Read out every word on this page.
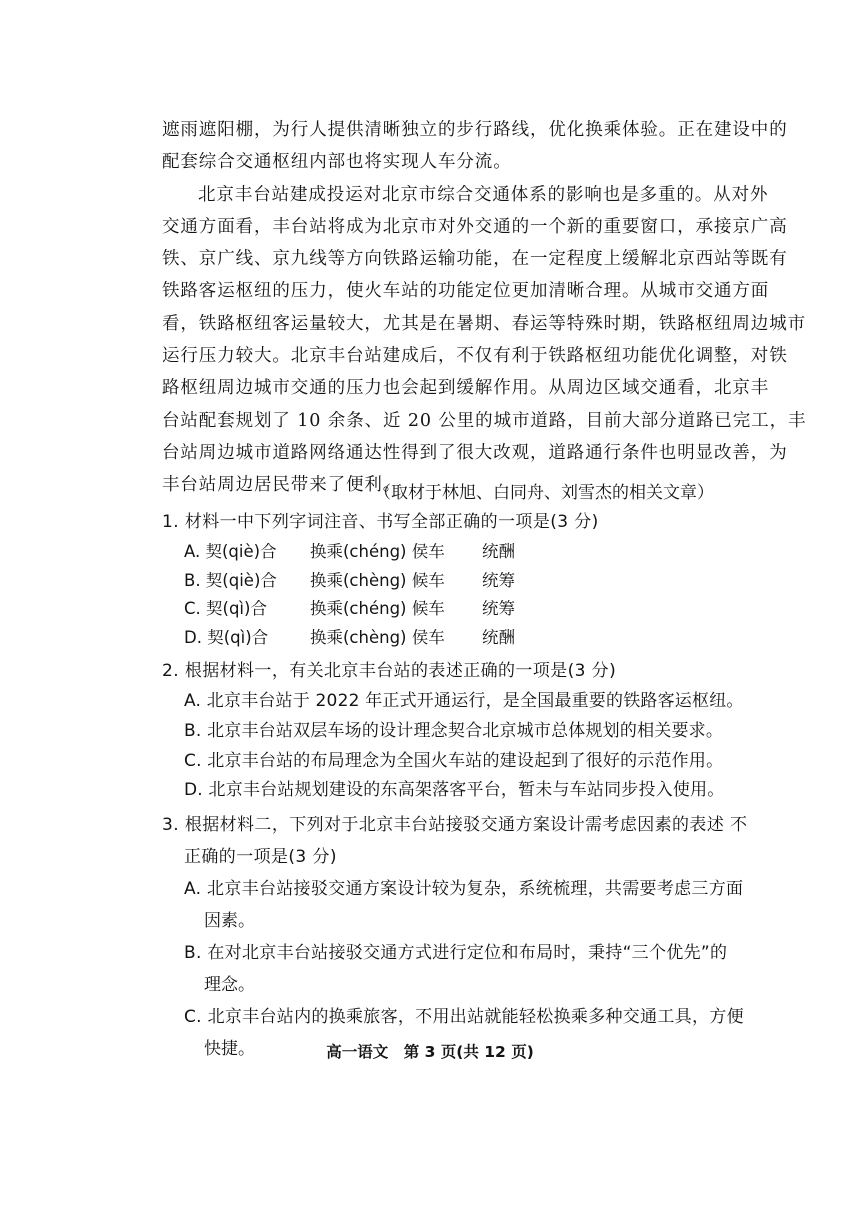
遮雨遮阳棚，为行人提供清晰独立的步行路线，优化换乘体验。正在建设中的
配套综合交通枢纽内部也将实现人车分流。
北京丰台站建成投运对北京市综合交通体系的影响也是多重的。从对外
交通方面看，丰台站将成为北京市对外交通的一个新的重要窗口，承接京广高
铁、京广线、京九线等方向铁路运输功能，在一定程度上缓解北京西站等既有
铁路客运枢纽的压力，使火车站的功能定位更加清晰合理。从城市交通方面
看，铁路枢纽客运量较大，尤其是在暑期、春运等特殊时期，铁路枢纽周边城市
运行压力较大。北京丰台站建成后，不仅有利于铁路枢纽功能优化调整，对铁
路枢纽周边城市交通的压力也会起到缓解作用。从周边区域交通看，北京丰
台站配套规划了 10 余条、近 20 公里的城市道路，目前大部分道路已完工，丰
台站周边城市道路网络通达性得到了很大改观，道路通行条件也明显改善，为
丰台站周边居民带来了便利。
（取材于林旭、白同舟、刘雪杰的相关文章）
1. 材料一中下列字词注音、书写全部正确的一项是(3 分)
A. 契(qiè)合 换乘(chéng) 侯车 统酬
B. 契(qiè)合 换乘(chèng) 候车 统筹
C. 契(qì)合	换乘(chéng) 候车 统筹
D. 契(qì)合	换乘(chèng) 侯车 统酬
2. 根据材料一，有关北京丰台站的表述正确的一项是(3 分)
A. 北京丰台站于 2022 年正式开通运行，是全国最重要的铁路客运枢纽。
B. 北京丰台站双层车场的设计理念契合北京城市总体规划的相关要求。
C. 北京丰台站的布局理念为全国火车站的建设起到了很好的示范作用。
D. 北京丰台站规划建设的东高架落客平台，暂未与车站同步投入使用。
3. 根据材料二，下列对于北京丰台站接驳交通方案设计需考虑因素的表述 不
正确的一项是(3 分)
A. 北京丰台站接驳交通方案设计较为复杂，系统梳理，共需要考虑三方面
因素。
B. 在对北京丰台站接驳交通方式进行定位和布局时，秉持“三个优先”的
理念。
C. 北京丰台站内的换乘旅客，不用出站就能轻松换乘多种交通工具，方便
快捷。	高一语文　第 3 页(共 12 页)
